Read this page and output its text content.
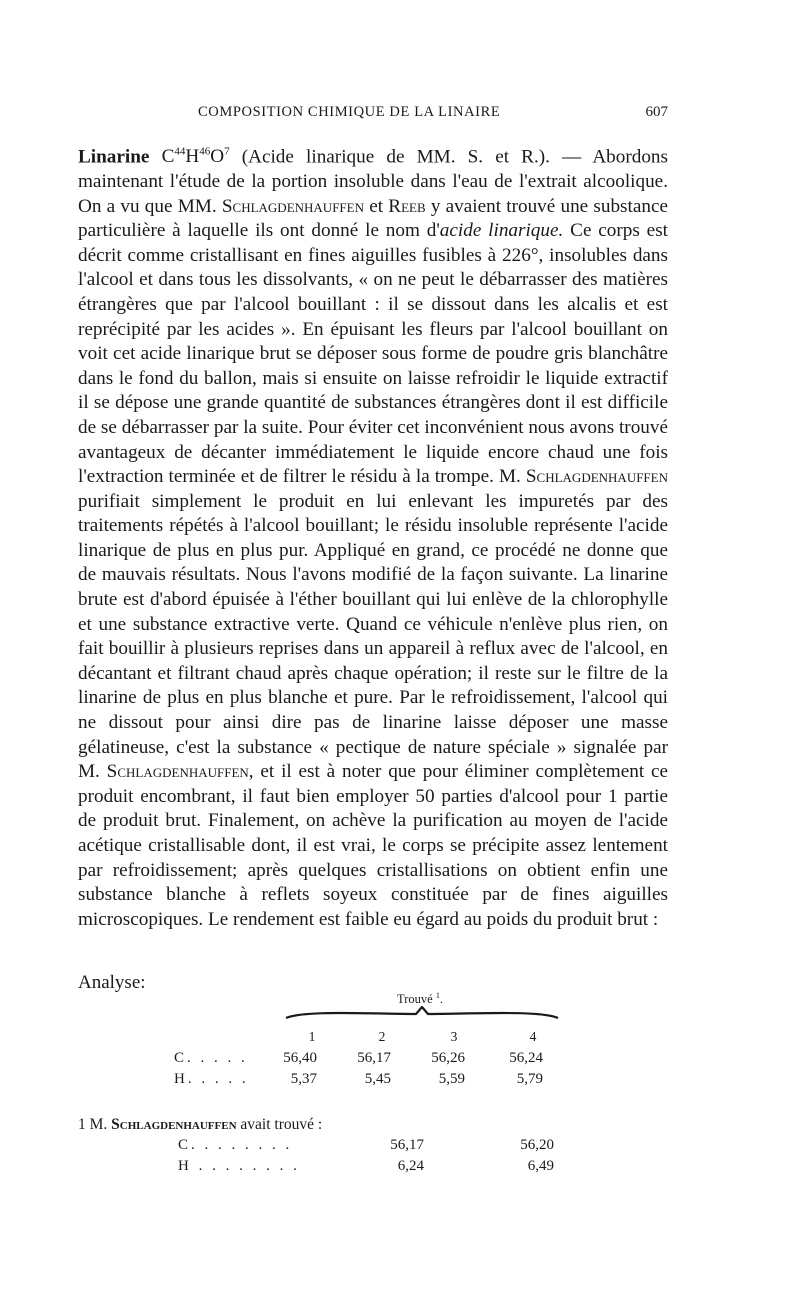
COMPOSITION CHIMIQUE DE LA LINAIRE	607

Linarine $C^{44}H^{46}O^7$ (Acide linarique de MM. S. et R.). — Abordons maintenant l'étude de la portion insoluble dans l'eau de l'extrait alcoolique. On a vu que MM. Schlagdenhauffen et Reeb y avaient trouvé une substance particulière à laquelle ils ont donné le nom d'acide linarique. Ce corps est décrit comme cristallisant en fines aiguilles fusibles à 226°, insolubles dans l'alcool et dans tous les dissolvants, « on ne peut le débarrasser des matières étrangères que par l'alcool bouillant : il se dissout dans les alcalis et est reprécipité par les acides ». En épuisant les fleurs par l'alcool bouillant on voit cet acide linarique brut se déposer sous forme de poudre gris blanchâtre dans le fond du ballon, mais si ensuite on laisse refroidir le liquide extractif il se dépose une grande quantité de substances étrangères dont il est difficile de se débarrasser par la suite. Pour éviter cet inconvénient nous avons trouvé avantageux de décanter immédiatement le liquide encore chaud une fois l'extraction terminée et de filtrer le résidu à la trompe. M. Schlagdenhauffen purifiait simplement le produit en lui enlevant les impuretés par des traitements répétés à l'alcool bouillant; le résidu insoluble représente l'acide linarique de plus en plus pur. Appliqué en grand, ce procédé ne donne que de mauvais résultats. Nous l'avons modifié de la façon suivante. La linarine brute est d'abord épuisée à l'éther bouillant qui lui enlève de la chlorophylle et une substance extractive verte. Quand ce véhicule n'enlève plus rien, on fait bouillir à plusieurs reprises dans un appareil à reflux avec de l'alcool, en décantant et filtrant chaud après chaque opération; il reste sur le filtre de la linarine de plus en plus blanche et pure. Par le refroidissement, l'alcool qui ne dissout pour ainsi dire pas de linarine laisse déposer une masse gélatineuse, c'est la substance « pectique de nature spéciale » signalée par M. Schlagdenhauffen, et il est à noter que pour éliminer complètement ce produit encombrant, il faut bien employer 50 parties d'alcool pour 1 partie de produit brut. Finalement, on achève la purification au moyen de l'acide acétique cristallisable dont, il est vrai, le corps se précipite assez lentement par refroidissement; après quelques cristallisations on obtient enfin une substance blanche à reflets soyeux constituée par de fines aiguilles microscopiques. Le rendement est faible eu égard au poids du produit brut :

Analyse:
Trouvé $^1$.
1	2	3	4
C. . . . .	56,40	56,17	56,26	56,24
H. . . . .	5,37	5,45	5,59	5,79
1 M. Schlagdenhauffen avait trouvé :
C. . . . . . . .	56,17	56,20
H . . . . . . . .	6,24	6,49
